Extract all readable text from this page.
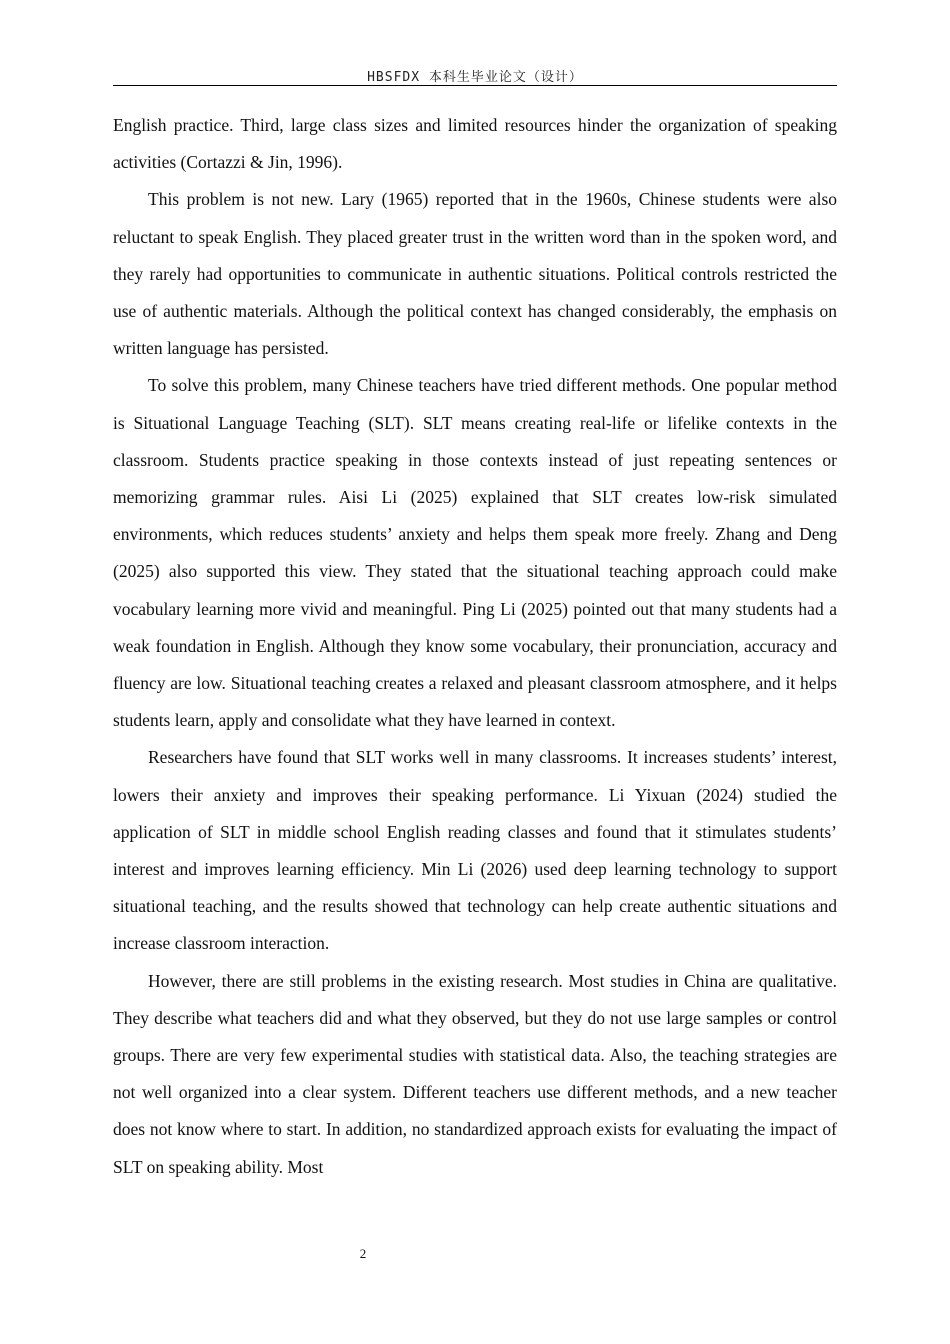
HBSFDX 本科生毕业论文（设计）

English practice. Third, large class sizes and limited resources hinder the organization of speaking activities (Cortazzi & Jin, 1996).

This problem is not new. Lary (1965) reported that in the 1960s, Chinese students were also reluctant to speak English. They placed greater trust in the written word than in the spoken word, and they rarely had opportunities to communicate in authentic situations. Political controls restricted the use of authentic materials. Although the political context has changed considerably, the emphasis on written language has persisted.

To solve this problem, many Chinese teachers have tried different methods. One popular method is Situational Language Teaching (SLT). SLT means creating real-life or lifelike contexts in the classroom. Students practice speaking in those contexts instead of just repeating sentences or memorizing grammar rules. Aisi Li (2025) explained that SLT creates low-risk simulated environments, which reduces students’ anxiety and helps them speak more freely. Zhang and Deng (2025) also supported this view. They stated that the situational teaching approach could make vocabulary learning more vivid and meaningful. Ping Li (2025) pointed out that many students had a weak foundation in English. Although they know some vocabulary, their pronunciation, accuracy and fluency are low. Situational teaching creates a relaxed and pleasant classroom atmosphere, and it helps students learn, apply and consolidate what they have learned in context.

Researchers have found that SLT works well in many classrooms. It increases students’ interest, lowers their anxiety and improves their speaking performance. Li Yixuan (2024) studied the application of SLT in middle school English reading classes and found that it stimulates students’ interest and improves learning efficiency. Min Li (2026) used deep learning technology to support situational teaching, and the results showed that technology can help create authentic situations and increase classroom interaction.

However, there are still problems in the existing research. Most studies in China are qualitative. They describe what teachers did and what they observed, but they do not use large samples or control groups. There are very few experimental studies with statistical data. Also, the teaching strategies are not well organized into a clear system. Different teachers use different methods, and a new teacher does not know where to start. In addition, no standardized approach exists for evaluating the impact of SLT on speaking ability. Most

2
